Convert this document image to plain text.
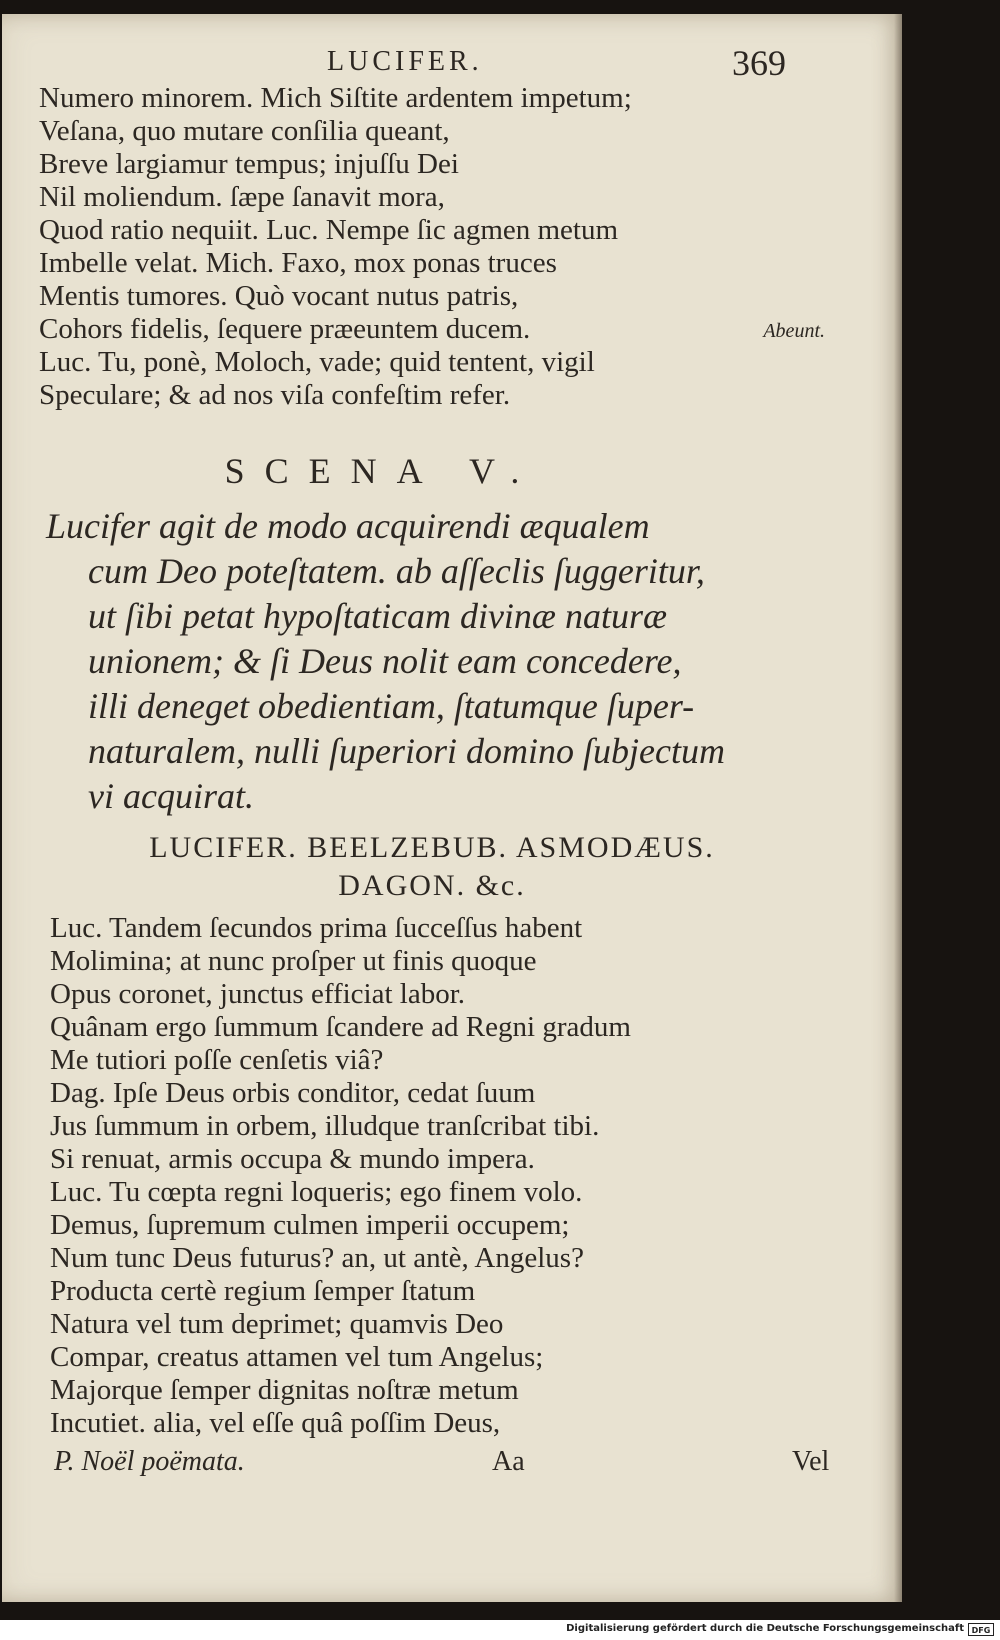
LUCIFER.	369
Numero minorem. Mich Siſtite ardentem impetum;
Veſana, quo mutare conſilia queant,
Breve largiamur tempus; injuſſu Dei
Nil moliendum. ſæpe ſanavit mora,
Quod ratio nequiit. Luc. Nempe ſic agmen metum
Imbelle velat. Mich. Faxo, mox ponas truces
Mentis tumores. Quò vocant nutus patris,
Cohors fidelis, ſequere præeuntem ducem.	Abeunt.
Luc. Tu, ponè, Moloch, vade; quid tentent, vigil
Speculare; & ad nos viſa confeſtim refer.
SCENA V.
Lucifer agit de modo acquirendi æqualem
cum Deo poteſtatem. ab aſſeclis ſuggeritur,
ut ſibi petat hypoſtaticam divinæ naturæ
unionem; & ſi Deus nolit eam concedere,
illi deneget obedientiam, ſtatumque ſuper-
naturalem, nulli ſuperiori domino ſubjectum
vi acquirat.
LUCIFER. BEELZEBUB. ASMODÆUS.
DAGON. &c.
Luc. Tandem ſecundos prima ſucceſſus habent
Molimina; at nunc proſper ut finis quoque
Opus coronet, junctus efficiat labor.
Quânam ergo ſummum ſcandere ad Regni gradum
Me tutiori poſſe cenſetis viâ?
Dag. Ipſe Deus orbis conditor, cedat ſuum
Jus ſummum in orbem, illudque tranſcribat tibi.
Si renuat, armis occupa & mundo impera.
Luc. Tu cœpta regni loqueris; ego finem volo.
Demus, ſupremum culmen imperii occupem;
Num tunc Deus futurus? an, ut antè, Angelus?
Producta certè regium ſemper ſtatum
Natura vel tum deprimet; quamvis Deo
Compar, creatus attamen vel tum Angelus;
Majorque ſemper dignitas noſtræ metum
Incutiet. alia, vel eſſe quâ poſſim Deus,
P. Noël poëmata.	Aa	Vel
Digitalisierung gefördert durch die Deutsche Forschungsgemeinschaft DFG
